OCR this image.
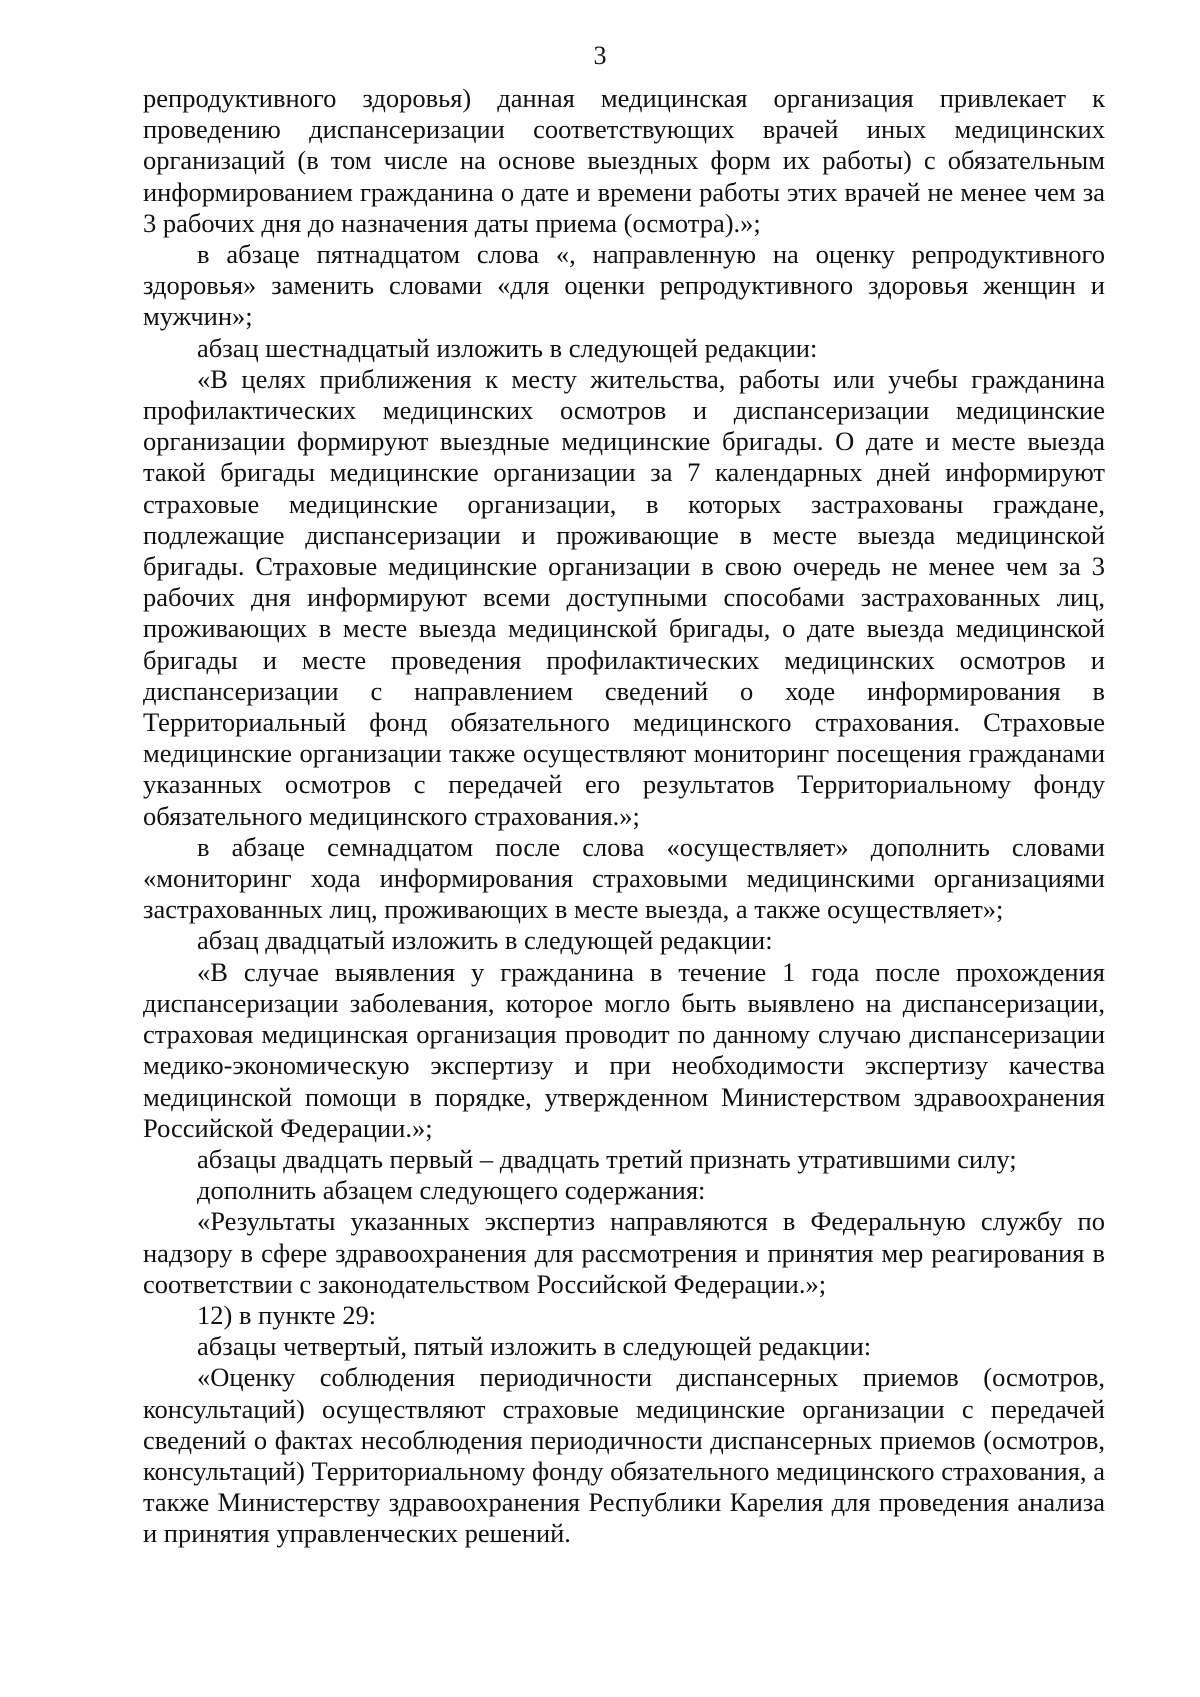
3

репродуктивного здоровья) данная медицинская организация привлекает к проведению диспансеризации соответствующих врачей иных медицинских организаций (в том числе на основе выездных форм их работы) с обязательным информированием гражданина о дате и времени работы этих врачей не менее чем за 3 рабочих дня до назначения даты приема (осмотра).»;

в абзаце пятнадцатом слова «, направленную на оценку репродуктивного здоровья» заменить словами «для оценки репродуктивного здоровья женщин и мужчин»;

абзац шестнадцатый изложить в следующей редакции:

«В целях приближения к месту жительства, работы или учебы гражданина профилактических медицинских осмотров и диспансеризации медицинские организации формируют выездные медицинские бригады. О дате и месте выезда такой бригады медицинские организации за 7 календарных дней информируют страховые медицинские организации, в которых застрахованы граждане, подлежащие диспансеризации и проживающие в месте выезда медицинской бригады. Страховые медицинские организации в свою очередь не менее чем за 3 рабочих дня информируют всеми доступными способами застрахованных лиц, проживающих в месте выезда медицинской бригады, о дате выезда медицинской бригады и месте проведения профилактических медицинских осмотров и диспансеризации с направлением сведений о ходе информирования в Территориальный фонд обязательного медицинского страхования. Страховые медицинские организации также осуществляют мониторинг посещения гражданами указанных осмотров с передачей его результатов Территориальному фонду обязательного медицинского страхования.»;

в абзаце семнадцатом после слова «осуществляет» дополнить словами «мониторинг хода информирования страховыми медицинскими организациями застрахованных лиц, проживающих в месте выезда, а также осуществляет»;

абзац двадцатый изложить в следующей редакции:

«В случае выявления у гражданина в течение 1 года после прохождения диспансеризации заболевания, которое могло быть выявлено на диспансеризации, страховая медицинская организация проводит по данному случаю диспансеризации медико-экономическую экспертизу и при необходимости экспертизу качества медицинской помощи в порядке, утвержденном Министерством здравоохранения Российской Федерации.»;

абзацы двадцать первый – двадцать третий признать утратившими силу;

дополнить абзацем следующего содержания:

«Результаты указанных экспертиз направляются в Федеральную службу по надзору в сфере здравоохранения для рассмотрения и принятия мер реагирования в соответствии с законодательством Российской Федерации.»;

12) в пункте 29:

абзацы четвертый, пятый изложить в следующей редакции:

«Оценку соблюдения периодичности диспансерных приемов (осмотров, консультаций) осуществляют страховые медицинские организации с передачей сведений о фактах несоблюдения периодичности диспансерных приемов (осмотров, консультаций) Территориальному фонду обязательного медицинского страхования, а также Министерству здравоохранения Республики Карелия для проведения анализа и принятия управленческих решений.
